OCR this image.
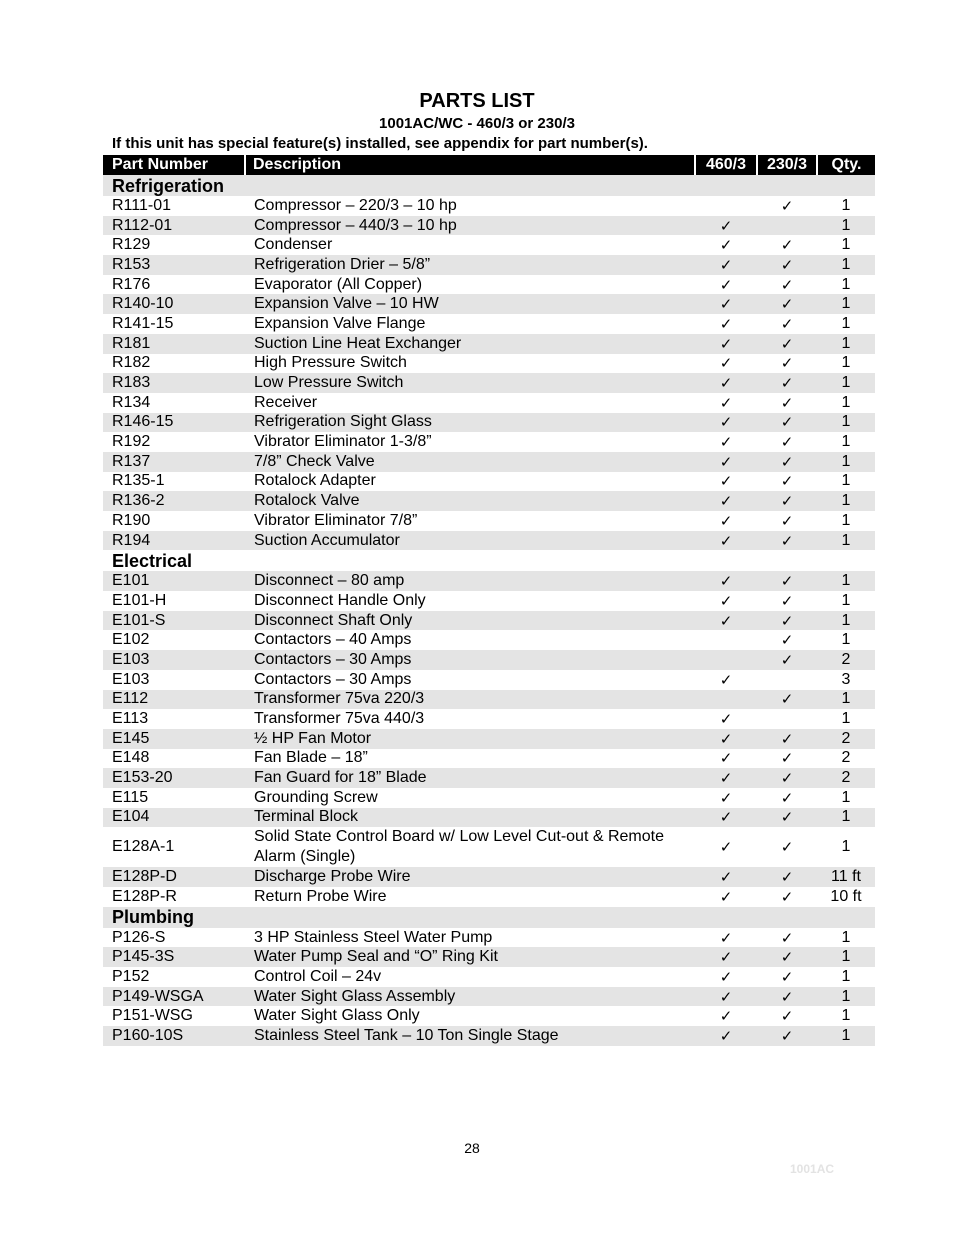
PARTS LIST
1001AC/WC - 460/3 or 230/3
If this unit has special feature(s) installed, see appendix for part number(s).
Part Number	Description	460/3	230/3	Qty.
Refrigeration				
R111-01	Compressor – 220/3 – 10 hp		✓	1
R112-01	Compressor – 440/3 – 10 hp	✓		1
R129	Condenser	✓	✓	1
R153	Refrigeration Drier – 5/8”	✓	✓	1
R176	Evaporator (All Copper)	✓	✓	1
R140-10	Expansion Valve – 10 HW	✓	✓	1
R141-15	Expansion Valve Flange	✓	✓	1
R181	Suction Line Heat Exchanger	✓	✓	1
R182	High Pressure Switch	✓	✓	1
R183	Low Pressure Switch	✓	✓	1
R134	Receiver	✓	✓	1
R146-15	Refrigeration Sight Glass	✓	✓	1
R192	Vibrator Eliminator 1-3/8”	✓	✓	1
R137	7/8” Check Valve	✓	✓	1
R135-1	Rotalock Adapter	✓	✓	1
R136-2	Rotalock Valve	✓	✓	1
R190	Vibrator Eliminator 7/8”	✓	✓	1
R194	Suction Accumulator	✓	✓	1
Electrical				
E101	Disconnect – 80 amp	✓	✓	1
E101-H	Disconnect Handle Only	✓	✓	1
E101-S	Disconnect Shaft Only	✓	✓	1
E102	Contactors – 40 Amps		✓	1
E103	Contactors – 30 Amps		✓	2
E103	Contactors – 30 Amps	✓		3
E112	Transformer 75va 220/3		✓	1
E113	Transformer 75va 440/3	✓		1
E145	½ HP Fan Motor	✓	✓	2
E148	Fan Blade – 18”	✓	✓	2
E153-20	Fan Guard for 18” Blade	✓	✓	2
E115	Grounding Screw	✓	✓	1
E104	Terminal Block	✓	✓	1
E128A-1	Solid State Control Board w/ Low Level Cut-out & Remote Alarm (Single)	✓	✓	1
E128P-D	Discharge Probe Wire	✓	✓	11 ft
E128P-R	Return Probe Wire	✓	✓	10 ft
Plumbing				
P126-S	3 HP Stainless Steel Water Pump	✓	✓	1
P145-3S	Water Pump Seal and “O” Ring Kit	✓	✓	1
P152	Control Coil – 24v	✓	✓	1
P149-WSGA	Water Sight Glass Assembly	✓	✓	1
P151-WSG	Water Sight Glass Only	✓	✓	1
P160-10S	Stainless Steel Tank – 10 Ton Single Stage	✓	✓	1
28
1001AC
